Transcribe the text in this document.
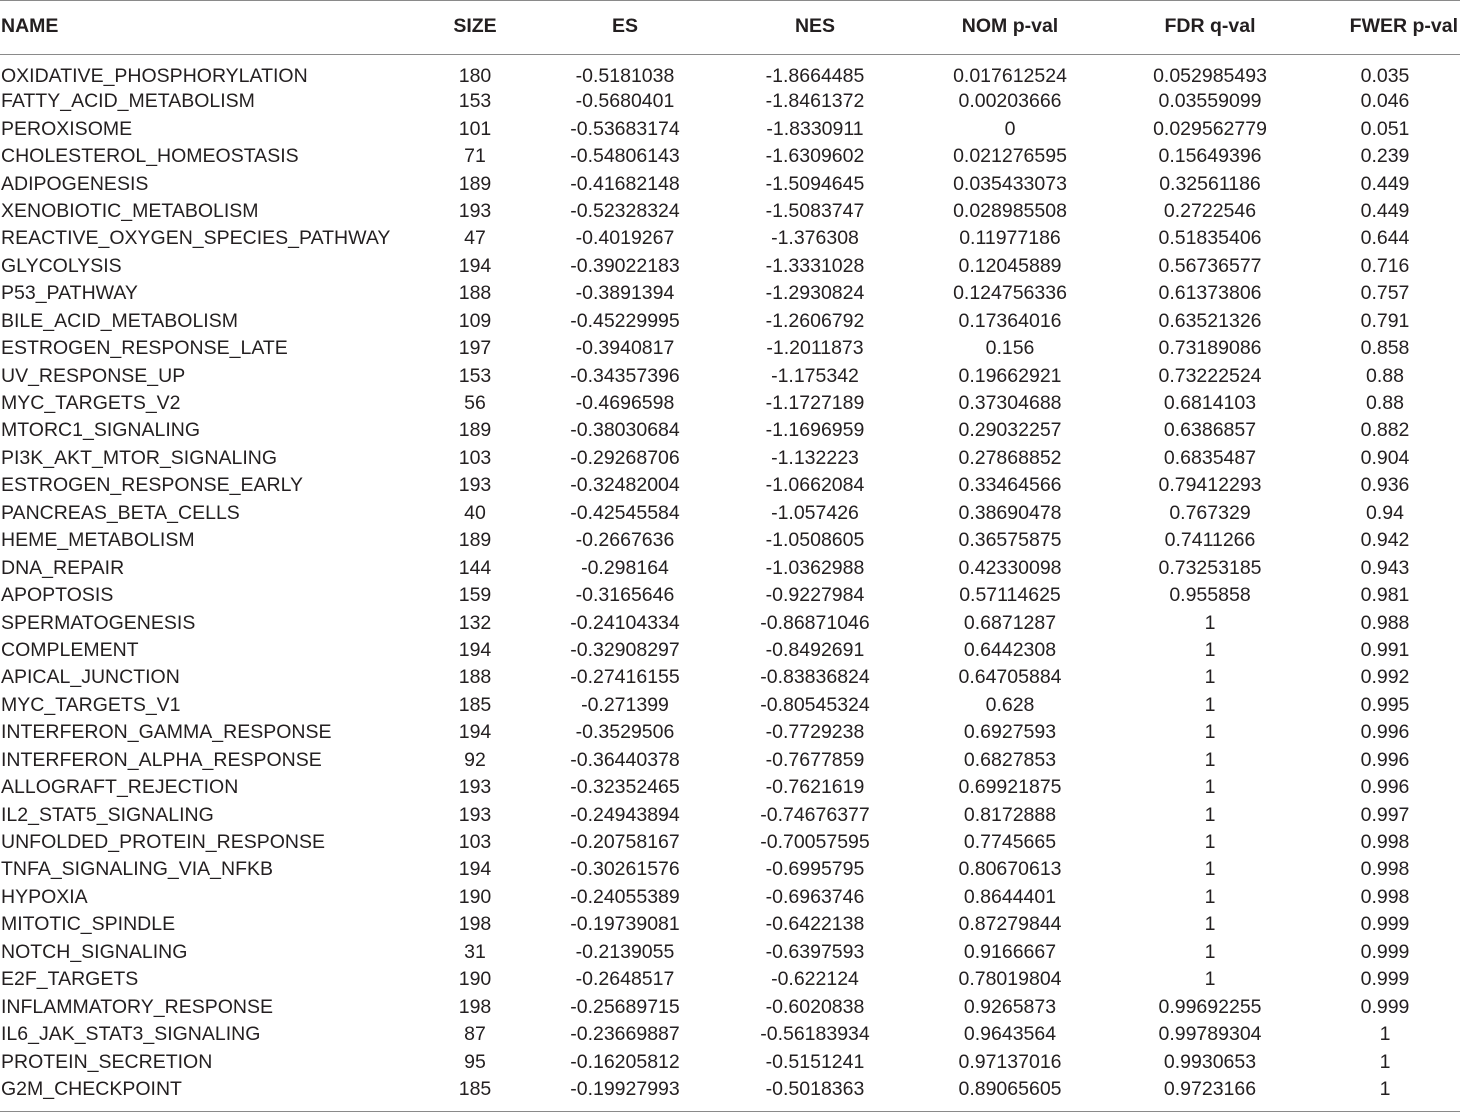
NAME	SIZE	ES	NES	NOM p-val	FDR q-val	FWER p-val
OXIDATIVE_PHOSPHORYLATION	180	-0.5181038	-1.8664485	0.017612524	0.052985493	0.035
FATTY_ACID_METABOLISM	153	-0.5680401	-1.8461372	0.00203666	0.03559099	0.046
PEROXISOME	101	-0.53683174	-1.8330911	0	0.029562779	0.051
CHOLESTEROL_HOMEOSTASIS	71	-0.54806143	-1.6309602	0.021276595	0.15649396	0.239
ADIPOGENESIS	189	-0.41682148	-1.5094645	0.035433073	0.32561186	0.449
XENOBIOTIC_METABOLISM	193	-0.52328324	-1.5083747	0.028985508	0.2722546	0.449
REACTIVE_OXYGEN_SPECIES_PATHWAY	47	-0.4019267	-1.376308	0.11977186	0.51835406	0.644
GLYCOLYSIS	194	-0.39022183	-1.3331028	0.12045889	0.56736577	0.716
P53_PATHWAY	188	-0.3891394	-1.2930824	0.124756336	0.61373806	0.757
BILE_ACID_METABOLISM	109	-0.45229995	-1.2606792	0.17364016	0.63521326	0.791
ESTROGEN_RESPONSE_LATE	197	-0.3940817	-1.2011873	0.156	0.73189086	0.858
UV_RESPONSE_UP	153	-0.34357396	-1.175342	0.19662921	0.73222524	0.88
MYC_TARGETS_V2	56	-0.4696598	-1.1727189	0.37304688	0.6814103	0.88
MTORC1_SIGNALING	189	-0.38030684	-1.1696959	0.29032257	0.6386857	0.882
PI3K_AKT_MTOR_SIGNALING	103	-0.29268706	-1.132223	0.27868852	0.6835487	0.904
ESTROGEN_RESPONSE_EARLY	193	-0.32482004	-1.0662084	0.33464566	0.79412293	0.936
PANCREAS_BETA_CELLS	40	-0.42545584	-1.057426	0.38690478	0.767329	0.94
HEME_METABOLISM	189	-0.2667636	-1.0508605	0.36575875	0.7411266	0.942
DNA_REPAIR	144	-0.298164	-1.0362988	0.42330098	0.73253185	0.943
APOPTOSIS	159	-0.3165646	-0.9227984	0.57114625	0.955858	0.981
SPERMATOGENESIS	132	-0.24104334	-0.86871046	0.6871287	1	0.988
COMPLEMENT	194	-0.32908297	-0.8492691	0.6442308	1	0.991
APICAL_JUNCTION	188	-0.27416155	-0.83836824	0.64705884	1	0.992
MYC_TARGETS_V1	185	-0.271399	-0.80545324	0.628	1	0.995
INTERFERON_GAMMA_RESPONSE	194	-0.3529506	-0.7729238	0.6927593	1	0.996
INTERFERON_ALPHA_RESPONSE	92	-0.36440378	-0.7677859	0.6827853	1	0.996
ALLOGRAFT_REJECTION	193	-0.32352465	-0.7621619	0.69921875	1	0.996
IL2_STAT5_SIGNALING	193	-0.24943894	-0.74676377	0.8172888	1	0.997
UNFOLDED_PROTEIN_RESPONSE	103	-0.20758167	-0.70057595	0.7745665	1	0.998
TNFA_SIGNALING_VIA_NFKB	194	-0.30261576	-0.6995795	0.80670613	1	0.998
HYPOXIA	190	-0.24055389	-0.6963746	0.8644401	1	0.998
MITOTIC_SPINDLE	198	-0.19739081	-0.6422138	0.87279844	1	0.999
NOTCH_SIGNALING	31	-0.2139055	-0.6397593	0.9166667	1	0.999
E2F_TARGETS	190	-0.2648517	-0.622124	0.78019804	1	0.999
INFLAMMATORY_RESPONSE	198	-0.25689715	-0.6020838	0.9265873	0.99692255	0.999
IL6_JAK_STAT3_SIGNALING	87	-0.23669887	-0.56183934	0.9643564	0.99789304	1
PROTEIN_SECRETION	95	-0.16205812	-0.5151241	0.97137016	0.9930653	1
G2M_CHECKPOINT	185	-0.19927993	-0.5018363	0.89065605	0.9723166	1
